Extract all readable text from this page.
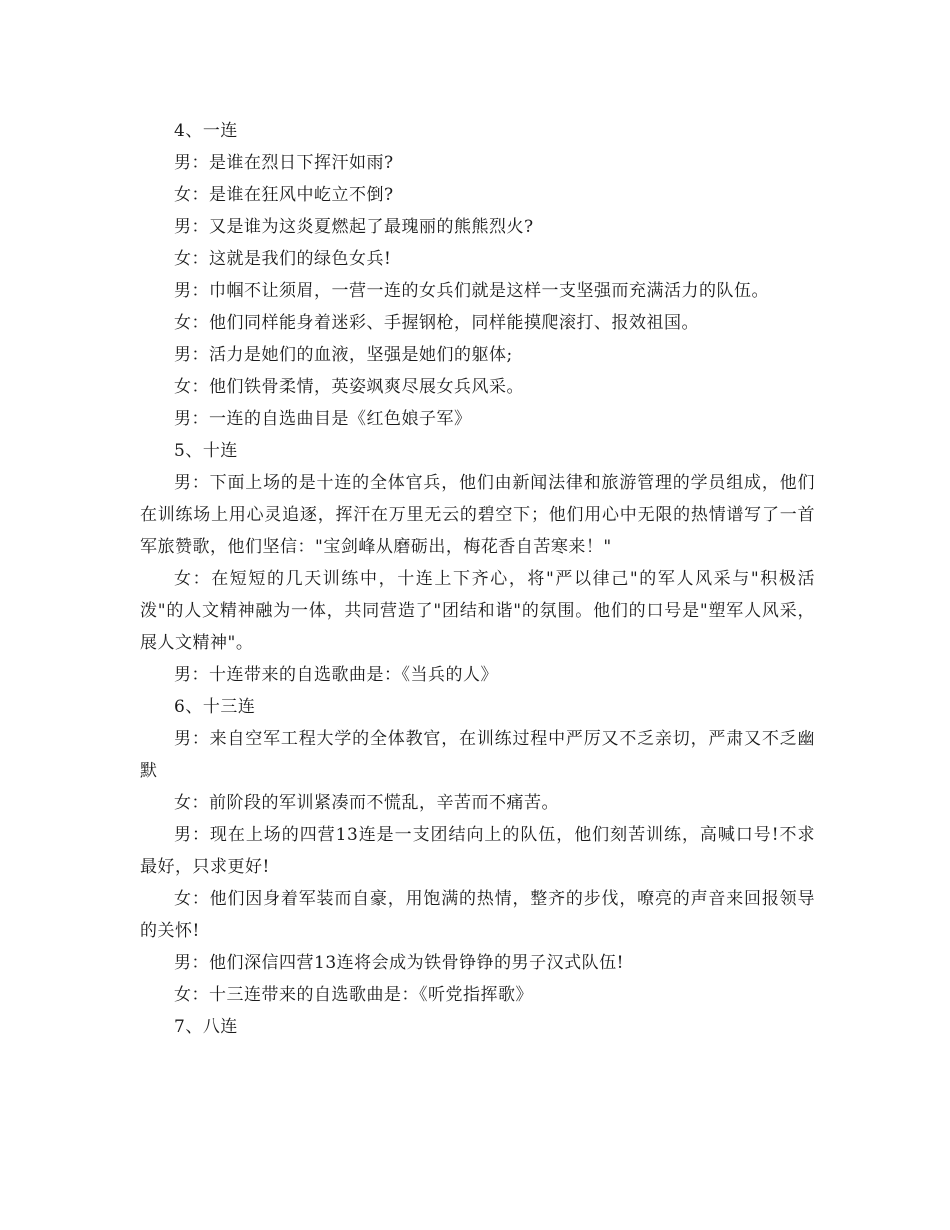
4、一连

男：是谁在烈日下挥汗如雨?

女：是谁在狂风中屹立不倒?

男：又是谁为这炎夏燃起了最瑰丽的熊熊烈火?

女：这就是我们的绿色女兵!

男：巾帼不让须眉，一营一连的女兵们就是这样一支坚强而充满活力的队伍。

女：他们同样能身着迷彩、手握钢枪，同样能摸爬滚打、报效祖国。

男：活力是她们的血液，坚强是她们的躯体;

女：他们铁骨柔情，英姿飒爽尽展女兵风采。

男：一连的自选曲目是《红色娘子军》

5、十连

男：下面上场的是十连的全体官兵，他们由新闻法律和旅游管理的学员组成，他们在训练场上用心灵追逐，挥汗在万里无云的碧空下；他们用心中无限的热情谱写了一首军旅赞歌，他们坚信："宝剑峰从磨砺出，梅花香自苦寒来！"

女：在短短的几天训练中，十连上下齐心，将"严以律己"的军人风采与"积极活泼"的人文精神融为一体，共同营造了"团结和谐"的氛围。他们的口号是"塑军人风采，展人文精神"。

男：十连带来的自选歌曲是：《当兵的人》

6、十三连

男：来自空军工程大学的全体教官，在训练过程中严厉又不乏亲切，严肃又不乏幽默

女：前阶段的军训紧凑而不慌乱，辛苦而不痛苦。

男：现在上场的四营13连是一支团结向上的队伍，他们刻苦训练，高喊口号!不求最好，只求更好!

女：他们因身着军装而自豪，用饱满的热情，整齐的步伐，嘹亮的声音来回报领导的关怀!

男：他们深信四营13连将会成为铁骨铮铮的男子汉式队伍!

女：十三连带来的自选歌曲是：《听党指挥歌》

7、八连
